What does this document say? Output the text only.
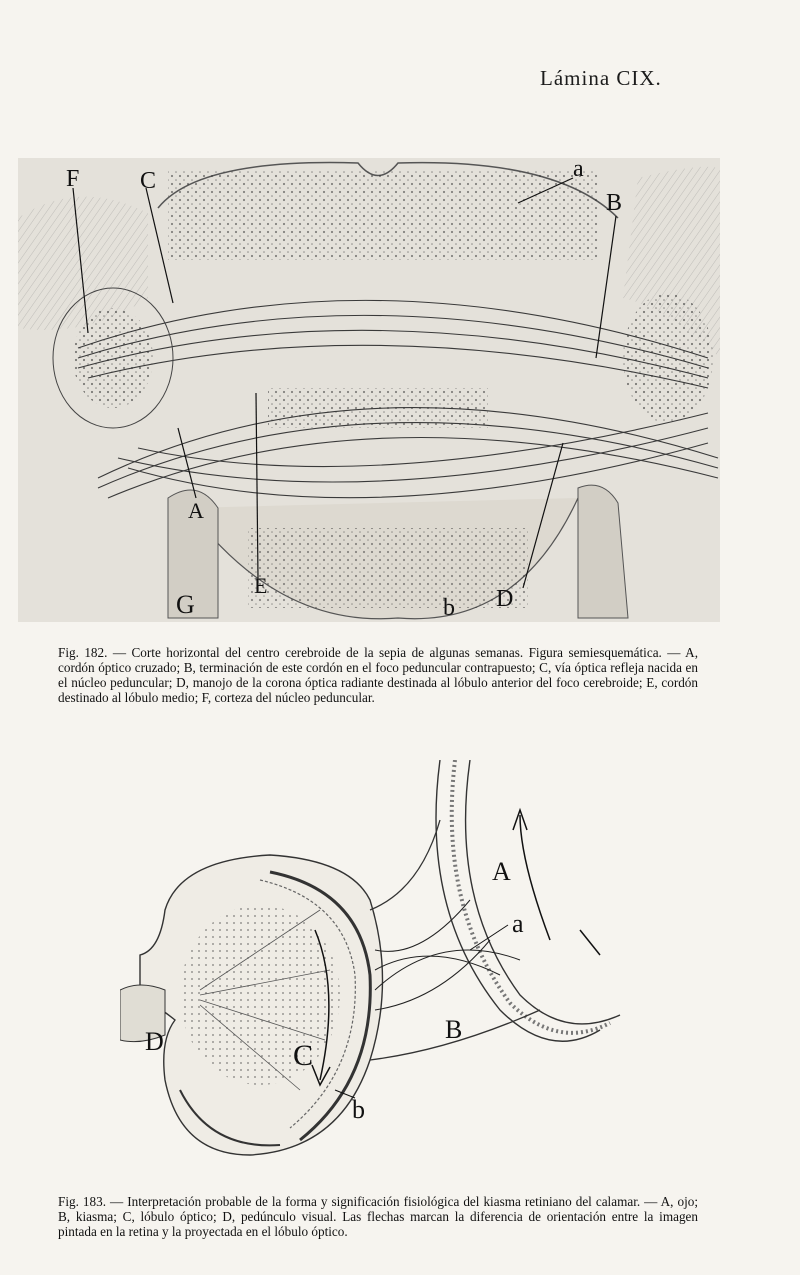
Lámina CIX.
F	C	a
B
A
E
G	b D
Fig. 182. — Corte horizontal del centro cerebroide de la sepia de algunas semanas. Figura semiesquemática. — A, cordón óptico cruzado; B, terminación de este cordón en el foco peduncular contrapuesto; C, vía óptica refleja nacida en el núcleo peduncular; D, manojo de la corona óptica radiante destinada al lóbulo anterior del foco cerebroide; E, cordón destinado al lóbulo medio; F, corteza del núcleo peduncular.
A
a
B
C
D
b
Fig. 183. — Interpretación probable de la forma y significación fisiológica del kiasma retiniano del calamar. — A, ojo; B, kiasma; C, lóbulo óptico; D, pedúnculo visual. Las flechas marcan la diferencia de orientación entre la imagen pintada en la retina y la proyectada en el lóbulo óptico.
